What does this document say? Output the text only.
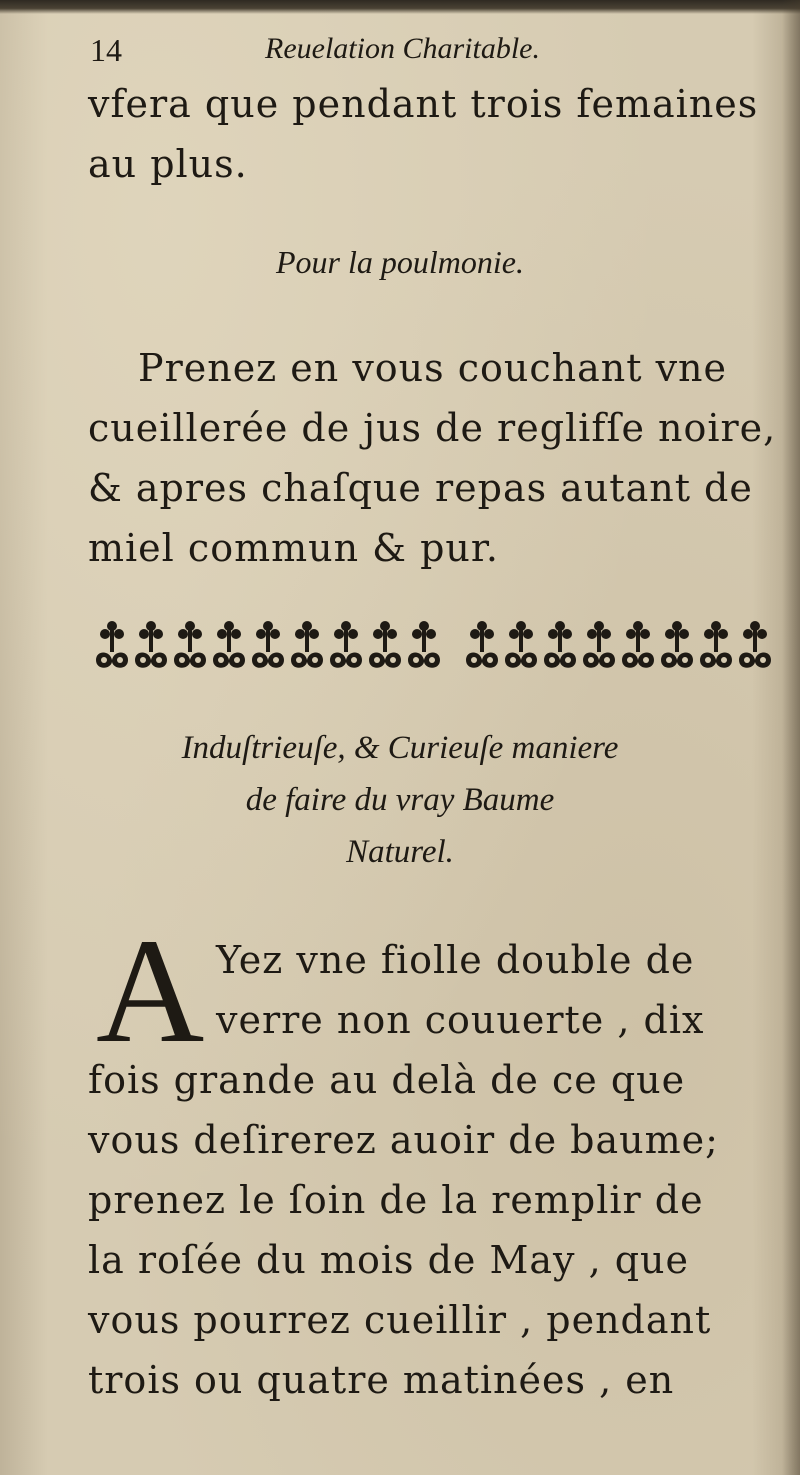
14	Reuelation Charitable.
vfera que pendant trois femaines
au plus.
Pour la poulmonie.
Prenez en vous couchant vne
cueillerée de jus de reglifſe noire,
& apres chaſque repas autant de
miel commun & pur.
Induſtrieuſe, & Curieuſe maniere
de faire du vray Baume
Naturel.
A Yez vne fiolle double de
verre non couuerte , dix
fois grande au delà de ce que
vous deſirerez auoir de baume;
prenez le ſoin de la remplir de
la roſée du mois de May , que
vous pourrez cueillir , pendant
trois ou quatre matinées , en
